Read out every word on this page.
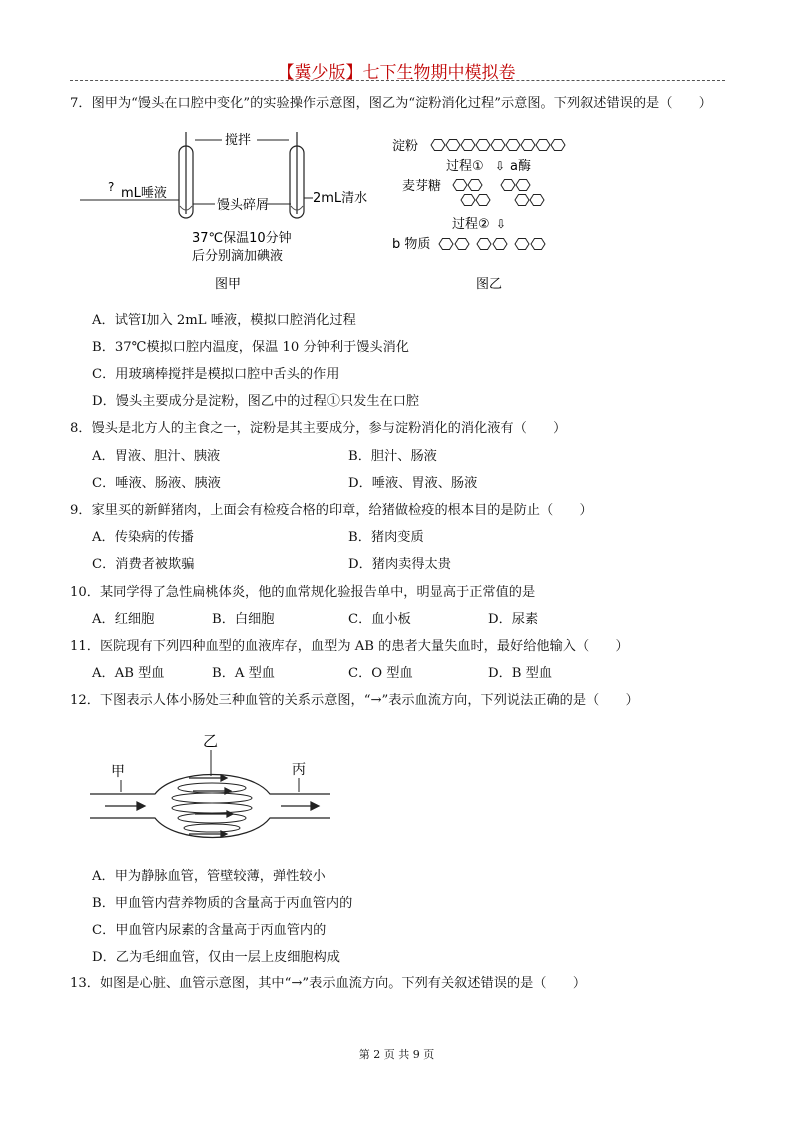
【冀少版】七下生物期中模拟卷
7．图甲为“馒头在口腔中变化”的实验操作示意图，图乙为“淀粉消化过程”示意图。下列叙述错误的是（　　）
搅拌
? mL唾液
馒头碎屑	2mL清水
37℃保温10分钟
后分别滴加碘液
图甲
淀粉
过程① ⇩ a酶
麦芽糖
过程② ⇩
b 物质
图乙
A．试管Ⅰ加入 2mL 唾液，模拟口腔消化过程
B．37℃模拟口腔内温度，保温 10 分钟利于馒头消化
C．用玻璃棒搅拌是模拟口腔中舌头的作用
D．馒头主要成分是淀粉，图乙中的过程①只发生在口腔
8．馒头是北方人的主食之一，淀粉是其主要成分，参与淀粉消化的消化液有（　　）
A．胃液、胆汁、胰液	B．胆汁、肠液
C．唾液、肠液、胰液	D．唾液、胃液、肠液
9．家里买的新鲜猪肉，上面会有检疫合格的印章，给猪做检疫的根本目的是防止（　　）
A．传染病的传播	B．猪肉变质
C．消费者被欺骗	D．猪肉卖得太贵
10．某同学得了急性扁桃体炎，他的血常规化验报告单中，明显高于正常值的是
A．红细胞	B．白细胞	C．血小板	D．尿素
11．医院现有下列四种血型的血液库存，血型为 AB 的患者大量失血时，最好给他输入（　　）
A．AB 型血	B．A 型血	C．O 型血	D．B 型血
12．下图表示人体小肠处三种血管的关系示意图，“→”表示血流方向，下列说法正确的是（　　）
甲
乙
丙
A．甲为静脉血管，管壁较薄，弹性较小
B．甲血管内营养物质的含量高于丙血管内的
C．甲血管内尿素的含量高于丙血管内的
D．乙为毛细血管，仅由一层上皮细胞构成
13．如图是心脏、血管示意图，其中“→”表示血流方向。下列有关叙述错误的是（　　）
第 2 页 共 9 页
